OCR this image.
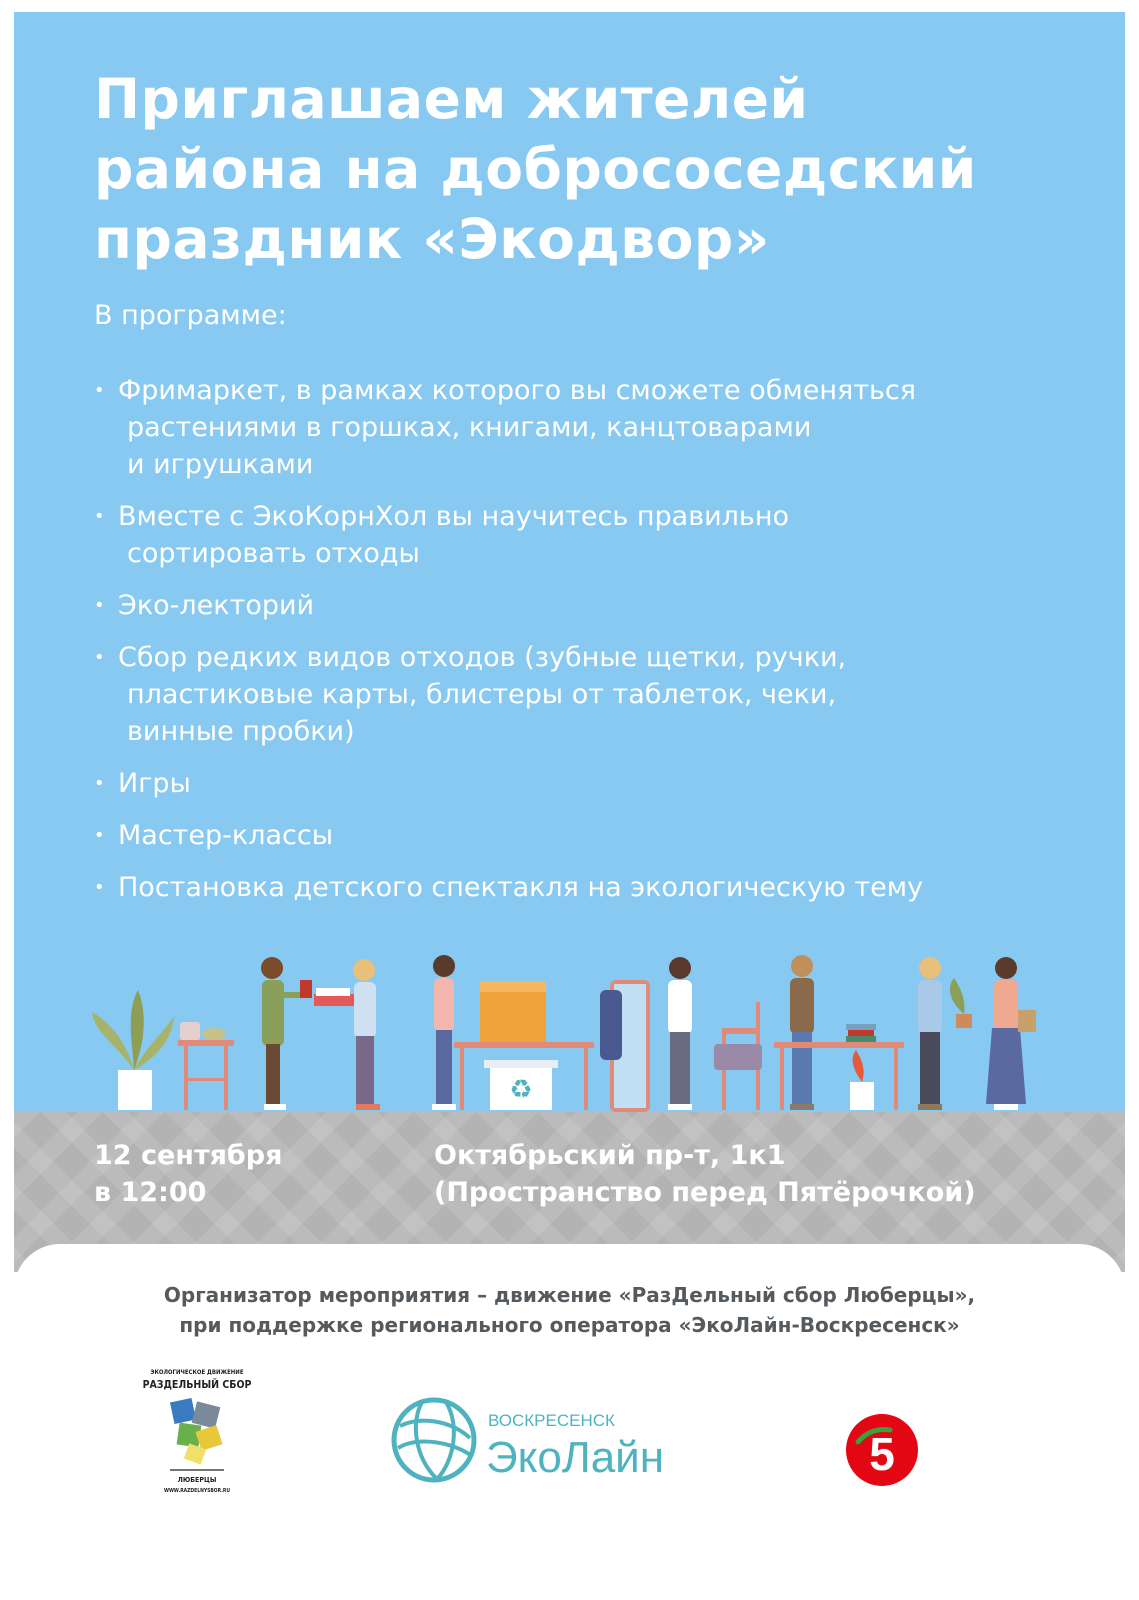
Приглашаем жителей
района на добрососедский
праздник «Экодвор»
В программе:
• Фримаркет, в рамках которого вы сможете обменяться
растениями в горшках, книгами, канцтоварами
и игрушками
• Вместе с ЭкоКорнХол вы научитесь правильно
сортировать отходы
• Эко-лекторий
• Сбор редких видов отходов (зубные щетки, ручки,
пластиковые карты, блистеры от таблеток, чеки,
винные пробки)
• Игры
• Мастер-классы
• Постановка детского спектакля на экологическую тему
♻
12 сентября
в 12:00
Октябрьский пр-т, 1к1
(Пространство перед Пятёрочкой)
Организатор мероприятия – движение «РазДельный сбор Люберцы»,
при поддержке регионального оператора «ЭкоЛайн-Воскресенск»
ЭКОЛОГИЧЕСКОЕ ДВИЖЕНИЕ
РАЗДЕЛЬНЫЙ СБОР
ЛЮБЕРЦЫ
WWW.RAZDELNYSBOR.RU
ВОСКРЕСЕНСК
ЭкоЛайн	5
